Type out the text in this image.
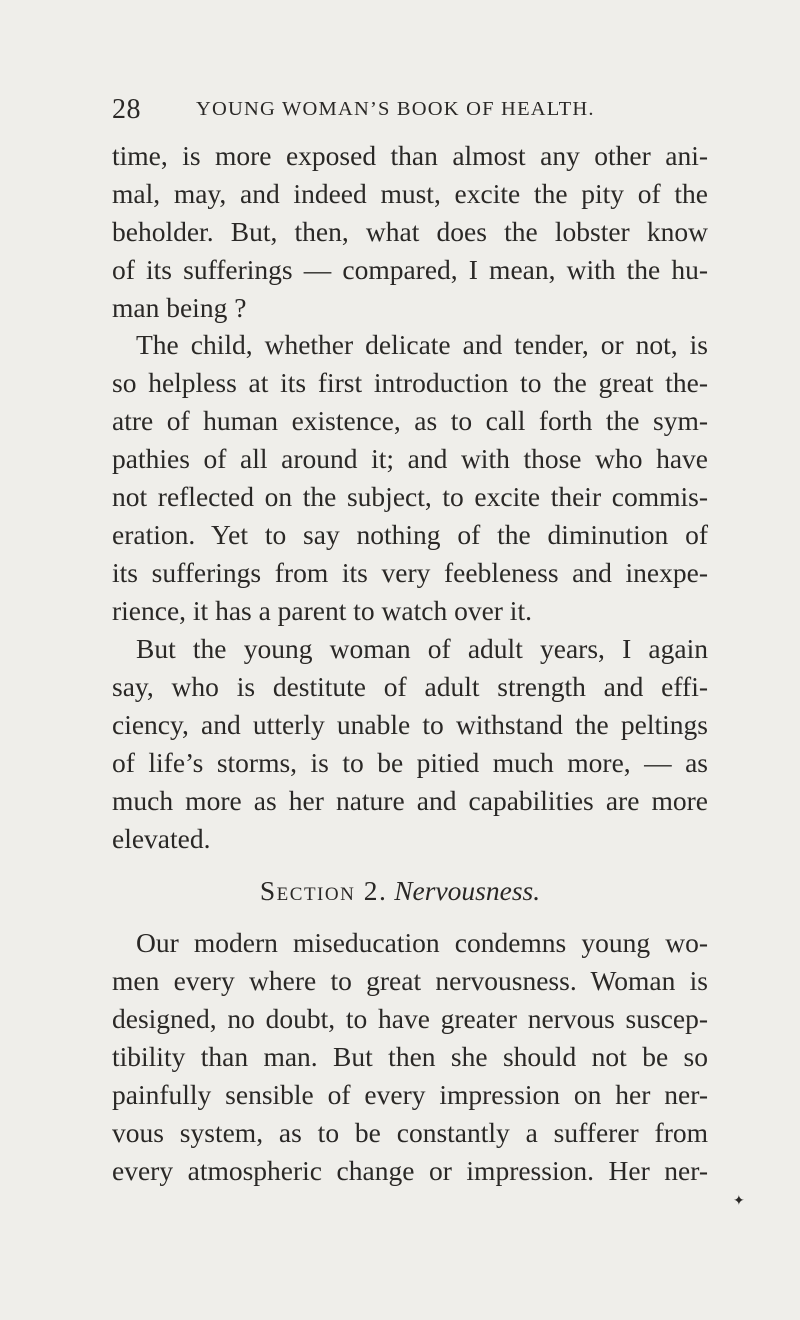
28	YOUNG WOMAN’S BOOK OF HEALTH.
time, is more exposed than almost any other ani-
mal, may, and indeed must, excite the pity of the
beholder. But, then, what does the lobster know
of its sufferings — compared, I mean, with the hu-
man being ?
The child, whether delicate and tender, or not, is
so helpless at its first introduction to the great the-
atre of human existence, as to call forth the sym-
pathies of all around it; and with those who have
not reflected on the subject, to excite their commis-
eration. Yet to say nothing of the diminution of
its sufferings from its very feebleness and inexpe-
rience, it has a parent to watch over it.
But the young woman of adult years, I again
say, who is destitute of adult strength and effi-
ciency, and utterly unable to withstand the peltings
of life’s storms, is to be pitied much more, — as
much more as her nature and capabilities are more
elevated.
Section 2. Nervousness.
Our modern miseducation condemns young wo-
men every where to great nervousness. Woman is
designed, no doubt, to have greater nervous suscep-
tibility than man. But then she should not be so
painfully sensible of every impression on her ner-
vous system, as to be constantly a sufferer from
every atmospheric change or impression. Her ner-
✦
